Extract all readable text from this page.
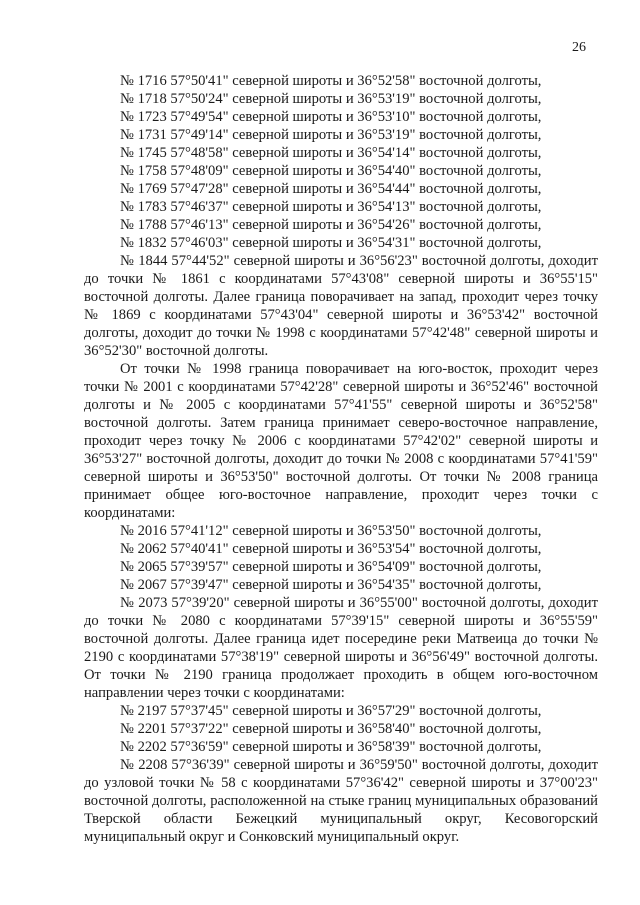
26
№ 1716 57°50'41" северной широты и 36°52'58" восточной долготы,
№ 1718 57°50'24" северной широты и 36°53'19" восточной долготы,
№ 1723 57°49'54" северной широты и 36°53'10" восточной долготы,
№ 1731 57°49'14" северной широты и 36°53'19" восточной долготы,
№ 1745 57°48'58" северной широты и 36°54'14" восточной долготы,
№ 1758 57°48'09" северной широты и 36°54'40" восточной долготы,
№ 1769 57°47'28" северной широты и 36°54'44" восточной долготы,
№ 1783 57°46'37" северной широты и 36°54'13" восточной долготы,
№ 1788 57°46'13" северной широты и 36°54'26" восточной долготы,
№ 1832 57°46'03" северной широты и 36°54'31" восточной долготы,

№ 1844 57°44'52" северной широты и 36°56'23" восточной долготы, доходит до точки № 1861 с координатами 57°43'08" северной широты и 36°55'15" восточной долготы. Далее граница поворачивает на запад, проходит через точку № 1869 с координатами 57°43'04" северной широты и 36°53'42" восточной долготы, доходит до точки № 1998 с координатами 57°42'48" северной широты и 36°52'30" восточной долготы.

От точки № 1998 граница поворачивает на юго-восток, проходит через точки № 2001 с координатами 57°42'28" северной широты и 36°52'46" восточной долготы и № 2005 с координатами 57°41'55" северной широты и 36°52'58" восточной долготы. Затем граница принимает северо-восточное направление, проходит через точку № 2006 с координатами 57°42'02" северной широты и 36°53'27" восточной долготы, доходит до точки № 2008 с координатами 57°41'59" северной широты и 36°53'50" восточной долготы. От точки № 2008 граница принимает общее юго-восточное направление, проходит через точки с координатами:

№ 2016 57°41'12" северной широты и 36°53'50" восточной долготы,
№ 2062 57°40'41" северной широты и 36°53'54" восточной долготы,
№ 2065 57°39'57" северной широты и 36°54'09" восточной долготы,
№ 2067 57°39'47" северной широты и 36°54'35" восточной долготы,

№ 2073 57°39'20" северной широты и 36°55'00" восточной долготы, доходит до точки № 2080 с координатами 57°39'15" северной широты и 36°55'59" восточной долготы. Далее граница идет посередине реки Матвеица до точки № 2190 с координатами 57°38'19" северной широты и 36°56'49" восточной долготы. От точки № 2190 граница продолжает проходить в общем юго-восточном направлении через точки с координатами:

№ 2197 57°37'45" северной широты и 36°57'29" восточной долготы,
№ 2201 57°37'22" северной широты и 36°58'40" восточной долготы,
№ 2202 57°36'59" северной широты и 36°58'39" восточной долготы,

№ 2208 57°36'39" северной широты и 36°59'50" восточной долготы, доходит до узловой точки № 58 с координатами 57°36'42" северной широты и 37°00'23" восточной долготы, расположенной на стыке границ муниципальных образований Тверской области Бежецкий муниципальный округ, Кесовогорский муниципальный округ и Сонковский муниципальный округ.
